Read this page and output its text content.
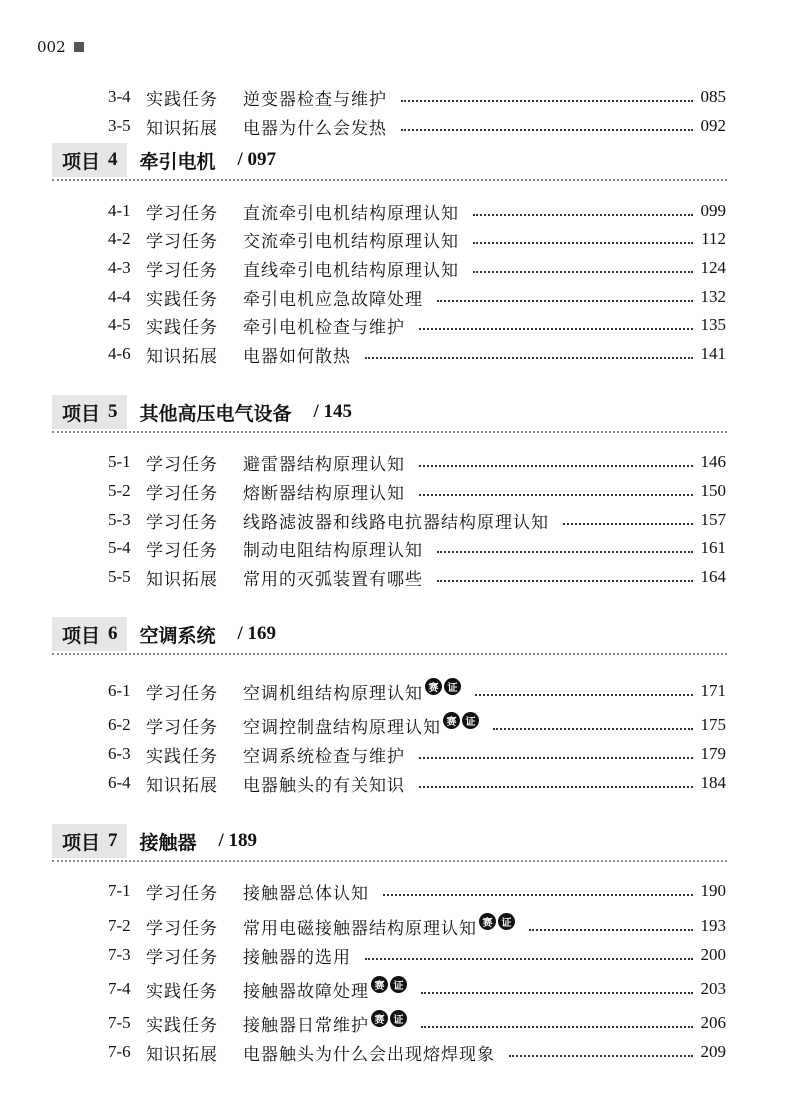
002
3-4 实践任务	逆变器检查与维护	085
3-5 知识拓展	电器为什么会发热	092
项目 4 牵引电机 / 097
4-1 学习任务	直流牵引电机结构原理认知	099
4-2 学习任务	交流牵引电机结构原理认知	112
4-3 学习任务	直线牵引电机结构原理认知	124
4-4 实践任务	牵引电机应急故障处理	132
4-5 实践任务	牵引电机检查与维护	135
4-6 知识拓展	电器如何散热	141
项目 5 其他高压电气设备 / 145
5-1 学习任务	避雷器结构原理认知	146
5-2 学习任务	熔断器结构原理认知	150
5-3 学习任务	线路滤波器和线路电抗器结构原理认知	157
5-4 学习任务	制动电阻结构原理认知	161
5-5 知识拓展	常用的灭弧装置有哪些	164
项目 6 空调系统 / 169
6-1 学习任务	空调机组结构原理认知 赛 证	171
6-2 学习任务	空调控制盘结构原理认知 赛 证	175
6-3 实践任务	空调系统检查与维护	179
6-4 知识拓展	电器触头的有关知识	184
项目 7 接触器 / 189
7-1 学习任务	接触器总体认知	190
7-2 学习任务	常用电磁接触器结构原理认知 赛 证	193
7-3 学习任务	接触器的选用	200
7-4 实践任务	接触器故障处理 赛 证	203
7-5 实践任务	接触器日常维护 赛 证	206
7-6 知识拓展	电器触头为什么会出现熔焊现象	209
